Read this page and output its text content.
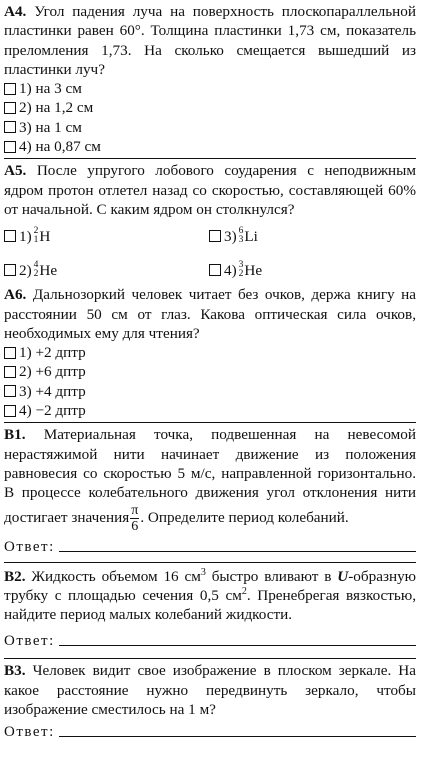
А4. Угол падения луча на поверхность плоскопараллельной пластинки равен 60°. Толщина пластинки 1,73 см, показатель преломления 1,73. На сколько смещается вышедший из пластинки луч?
1) на 3 см
2) на 1,2 см
3) на 1 см
4) на 0,87 см
А5. После упругого лобового соударения с неподвижным ядром протон отлетел назад со скоростью, составляющей 60% от начальной. С каким ядром он столкнулся?
1) 2
1 H	3) 6
3 Li
2) 4
2 He	4) 3
2 He
А6. Дальнозоркий человек читает без очков, держа книгу на расстоянии 50 см от глаз. Какова оптическая сила очков, необходимых ему для чтения?
1) +2 дптр
2) +6 дптр
3) +4 дптр
4) −2 дптр
В1. Материальная точка, подвешенная на невесомой нерастяжимой нити начинает движение из положения равновесия со скоростью 5 м/с, направленной горизонтально. В процессе колебательного движения угол отклонения нити достигает значения $\frac{\pi}{6}$ . Определите период колебаний.
Ответ:
В2. Жидкость объемом 16 $см^3$ быстро вливают в U-образную трубку с площадью сечения 0,5 $см^2$. Пренебрегая вязкостью, найдите период малых колебаний жидкости.
Ответ:
В3. Человек видит свое изображение в плоском зеркале. На какое расстояние нужно передвинуть зеркало, чтобы изображение сместилось на 1 м?
Ответ:
